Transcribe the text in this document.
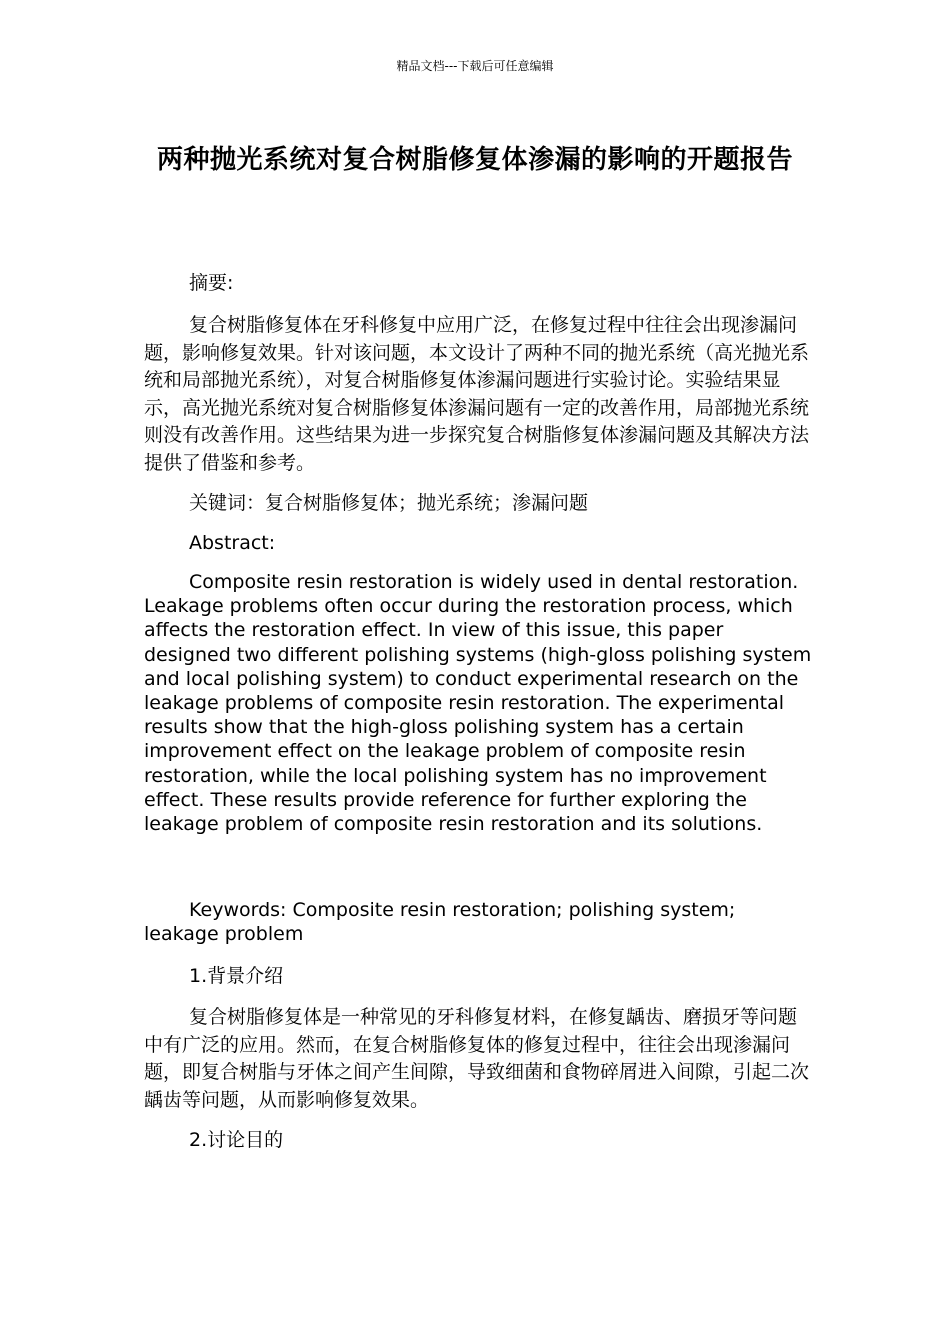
精品文档---下载后可任意编辑
两种抛光系统对复合树脂修复体渗漏的影响的开题报告

摘要:

复合树脂修复体在牙科修复中应用广泛，在修复过程中往往会出现渗漏问题，影响修复效果。针对该问题，本文设计了两种不同的抛光系统（高光抛光系统和局部抛光系统），对复合树脂修复体渗漏问题进行实验讨论。实验结果显示，高光抛光系统对复合树脂修复体渗漏问题有一定的改善作用，局部抛光系统则没有改善作用。这些结果为进一步探究复合树脂修复体渗漏问题及其解决方法提供了借鉴和参考。

关键词：复合树脂修复体；抛光系统；渗漏问题

Abstract:

Composite resin restoration is widely used in dental restoration. Leakage problems often occur during the restoration process, which affects the restoration effect. In view of this issue, this paper designed two different polishing systems (high-gloss polishing system and local polishing system) to conduct experimental research on the leakage problems of composite resin restoration. The experimental results show that the high-gloss polishing system has a certain improvement effect on the leakage problem of composite resin restoration, while the local polishing system has no improvement effect. These results provide reference for further exploring the leakage problem of composite resin restoration and its solutions.

Keywords: Composite resin restoration; polishing system; leakage problem

1.背景介绍

复合树脂修复体是一种常见的牙科修复材料，在修复龋齿、磨损牙等问题中有广泛的应用。然而，在复合树脂修复体的修复过程中，往往会出现渗漏问题，即复合树脂与牙体之间产生间隙，导致细菌和食物碎屑进入间隙，引起二次龋齿等问题，从而影响修复效果。

2.讨论目的
